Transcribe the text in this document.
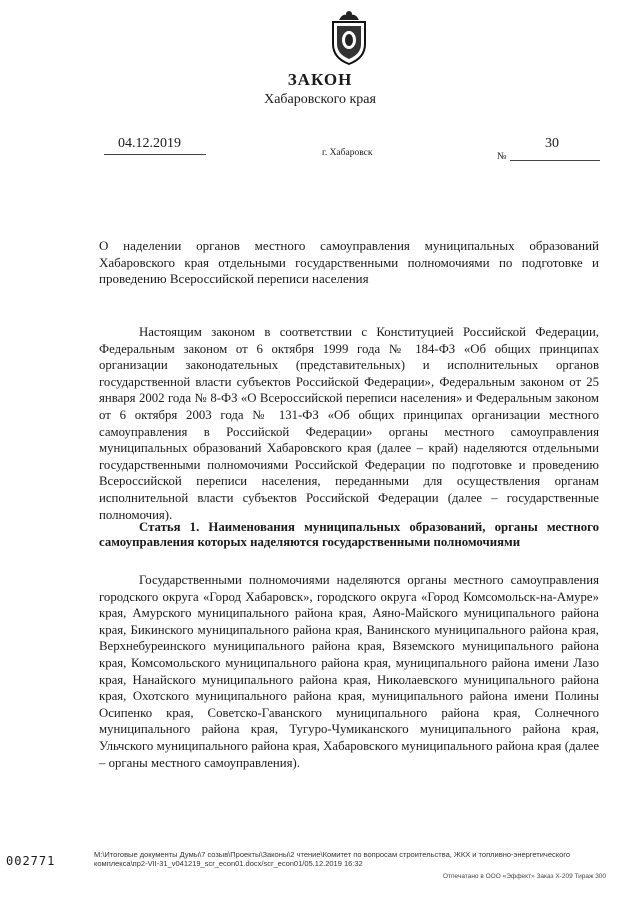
ЗАКОН
Хабаровского края
04.12.2019
г. Хабаровск
30
№
О наделении органов местного самоуправления муниципальных образований Хабаровского края отдельными государственными полномочиями по подготовке и проведению Всероссийской переписи населения

Настоящим законом в соответствии с Конституцией Российской Федерации, Федеральным законом от 6 октября 1999 года № 184-ФЗ «Об общих принципах организации законодательных (представительных) и исполнительных органов государственной власти субъектов Российской Федерации», Федеральным законом от 25 января 2002 года № 8-ФЗ «О Всероссийской переписи населения» и Федеральным законом от 6 октября 2003 года № 131-ФЗ «Об общих принципах организации местного самоуправления в Российской Федерации» органы местного самоуправления муниципальных образований Хабаровского края (далее – край) наделяются отдельными государственными полномочиями Российской Федерации по подготовке и проведению Всероссийской переписи населения, переданными для осуществления органам исполнительной власти субъектов Российской Федерации (далее – государственные полномочия).

Статья 1. Наименования муниципальных образований, органы местного самоуправления которых наделяются государственными полномочиями

Государственными полномочиями наделяются органы местного самоуправления городского округа «Город Хабаровск», городского округа «Город Комсомольск-на-Амуре» края, Амурского муниципального района края, Аяно-Майского муниципального района края, Бикинского муниципального района края, Ванинского муниципального района края, Верхнебуреинского муниципального района края, Вяземского муниципального района края, Комсомольского муниципального района края, муниципального района имени Лазо края, Нанайского муниципального района края, Николаевского муниципального района края, Охотского муниципального района края, муниципального района имени Полины Осипенко края, Советско-Гаванского муниципального района края, Солнечного муниципального района края, Тугуро-Чумиканского муниципального района края, Ульчского муниципального района края, Хабаровского муниципального района края (далее – органы местного самоуправления).

002771	М:\Итоговые документы Думы\7 созыв\Проекты\Законы\2 чтение\Комитет по вопросам строительства, ЖКХ и топливно-энергетического комплекса\пр2-VII-31_v041219_scr_econ01.docx/scr_econ01/05.12.2019 16:32
Отпечатано в ООО «Эффект» Заказ Х-209 Тираж 300
